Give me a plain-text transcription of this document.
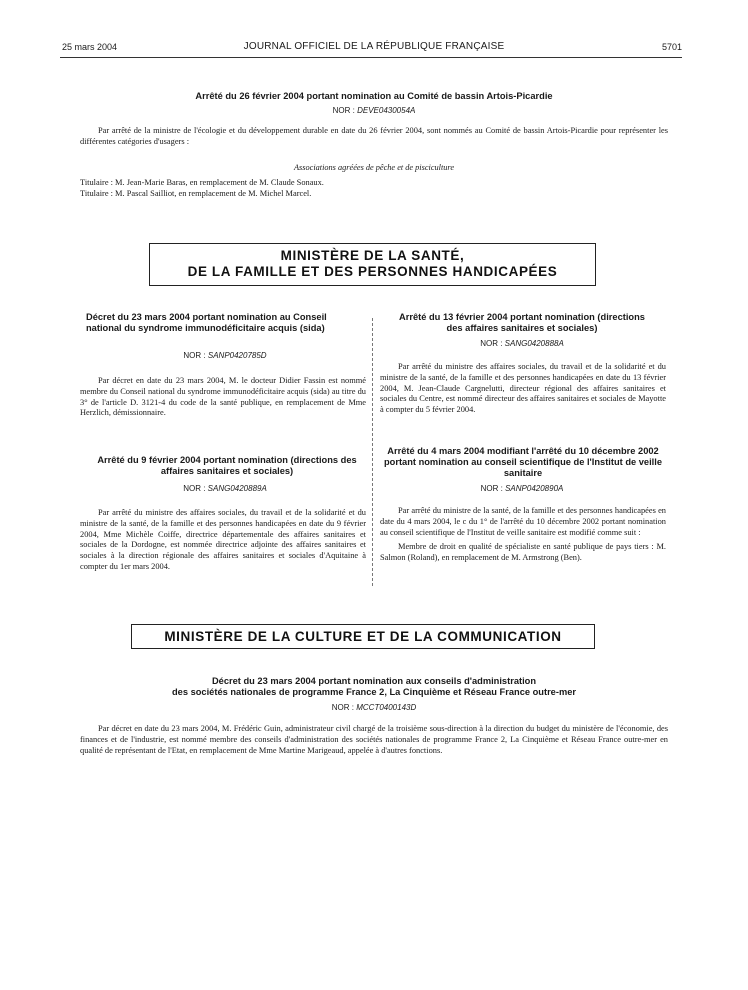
25 mars 2004	JOURNAL OFFICIEL DE LA RÉPUBLIQUE FRANÇAISE	5701
Arrêté du 26 février 2004 portant nomination au Comité de bassin Artois-Picardie
NOR : DEVE0430054A

Par arrêté de la ministre de l'écologie et du développement durable en date du 26 février 2004, sont nommés au Comité de bassin Artois-Picardie pour représenter les différentes catégories d'usagers :

Associations agréées de pêche et de pisciculture

Titulaire : M. Jean-Marie Baras, en remplacement de M. Claude Sonaux.

Titulaire : M. Pascal Sailliot, en remplacement de M. Michel Marcel.

MINISTÈRE DE LA SANTÉ,
DE LA FAMILLE ET DES PERSONNES HANDICAPÉES
Décret du 23 mars 2004 portant nomination au Conseil national du syndrome immunodéficitaire acquis (sida)
NOR : SANP0420785D

Par décret en date du 23 mars 2004, M. le docteur Didier Fassin est nommé membre du Conseil national du syndrome immunodéficitaire acquis (sida) au titre du 3° de l'article D. 3121-4 du code de la santé publique, en remplacement de Mme Herzlich, démissionnaire.

Arrêté du 9 février 2004 portant nomination (directions des affaires sanitaires et sociales)
NOR : SANG0420889A

Par arrêté du ministre des affaires sociales, du travail et de la solidarité et du ministre de la santé, de la famille et des personnes handicapées en date du 9 février 2004, Mme Michèle Coiffe, directrice départementale des affaires sanitaires et sociales de la Dordogne, est nommée directrice adjointe des affaires sanitaires et sociales à la direction régionale des affaires sanitaires et sociales d'Aquitaine à compter du 1er mars 2004.

Arrêté du 13 février 2004 portant nomination (directions des affaires sanitaires et sociales)
NOR : SANG0420888A

Par arrêté du ministre des affaires sociales, du travail et de la solidarité et du ministre de la santé, de la famille et des personnes handicapées en date du 13 février 2004, M. Jean-Claude Cargnelutti, directeur régional des affaires sanitaires et sociales du Centre, est nommé directeur des affaires sanitaires et sociales de Mayotte à compter du 5 février 2004.

Arrêté du 4 mars 2004 modifiant l'arrêté du 10 décembre 2002 portant nomination au conseil scientifique de l'Institut de veille sanitaire
NOR : SANP0420890A

Par arrêté du ministre de la santé, de la famille et des personnes handicapées en date du 4 mars 2004, le c du 1° de l'arrêté du 10 décembre 2002 portant nomination au conseil scientifique de l'Institut de veille sanitaire est modifié comme suit :

Membre de droit en qualité de spécialiste en santé publique de pays tiers : M. Salmon (Roland), en remplacement de M. Armstrong (Ben).

MINISTÈRE DE LA CULTURE ET DE LA COMMUNICATION
Décret du 23 mars 2004 portant nomination aux conseils d'administration
des sociétés nationales de programme France 2, La Cinquième et Réseau France outre-mer
NOR : MCCT0400143D

Par décret en date du 23 mars 2004, M. Frédéric Guin, administrateur civil chargé de la troisième sous-direction à la direction du budget du ministère de l'économie, des finances et de l'industrie, est nommé membre des conseils d'administration des sociétés nationales de programme France 2, La Cinquième et Réseau France outre-mer en qualité de représentant de l'Etat, en remplacement de Mme Martine Marigeaud, appelée à d'autres fonctions.
